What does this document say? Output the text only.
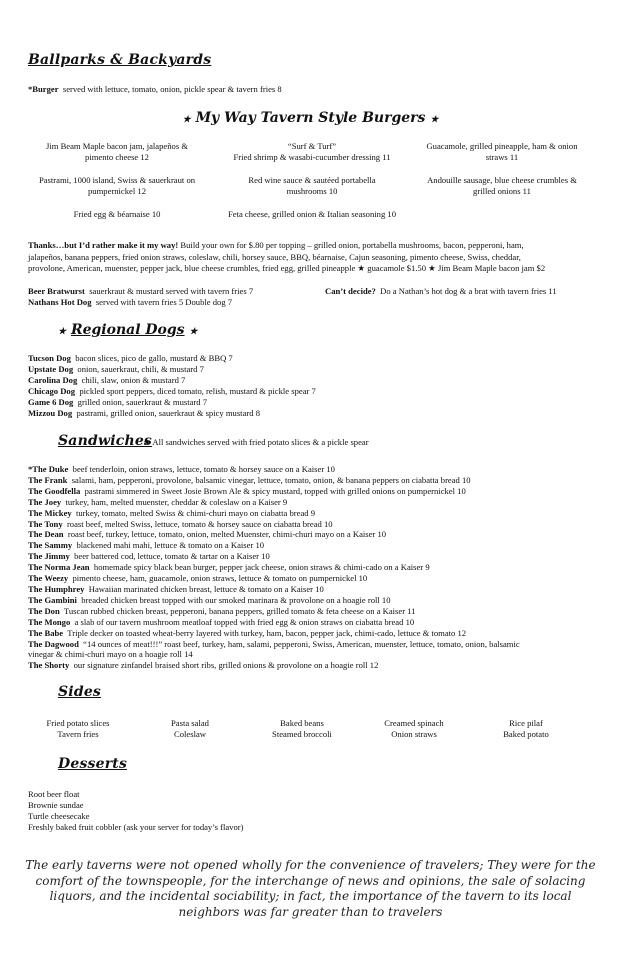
Ballparks & Backyards
*Burger served with lettuce, tomato, onion, pickle spear & tavern fries 8
★ My Way Tavern Style Burgers ★
Jim Beam Maple bacon jam, jalapeños &
pimento cheese 12
“Surf & Turf”
Fried shrimp & wasabi-cucumber dressing 11
Guacamole, grilled pineapple, ham & onion
straws 11
Pastrami, 1000 island, Swiss & sauerkraut on
pumpernickel 12
Red wine sauce & sautéed portabella
mushrooms 10
Andouille sausage, blue cheese crumbles &
grilled onions 11
Fried egg & béarnaise 10	Feta cheese, grilled onion & Italian seasoning 10
Thanks…but I’d rather make it my way! Build your own for $.80 per topping – grilled onion, portabella mushrooms, bacon, pepperoni, ham,
jalapeños, banana peppers, fried onion straws, coleslaw, chili, horsey sauce, BBQ, béarnaise, Cajun seasoning, pimento cheese, Swiss, cheddar,
provolone, American, muenster, pepper jack, blue cheese crumbles, fried egg, grilled pineapple ★ guacamole $1.50 ★ Jim Beam Maple bacon jam $2
Beer Bratwurst sauerkraut & mustard served with tavern fries 7	Can’t decide? Do a Nathan’s hot dog & a brat with tavern fries 11
Nathans Hot Dog served with tavern fries 5 Double dog 7
★ Regional Dogs ★
Tucson Dog bacon slices, pico de gallo, mustard & BBQ 7
Upstate Dog onion, sauerkraut, chili, & mustard 7
Carolina Dog chili, slaw, onion & mustard 7
Chicago Dog pickled sport peppers, diced tomato, relish, mustard & pickle spear 7
Game 6 Dog grilled onion, sauerkraut & mustard 7
Mizzou Dog pastrami, grilled onion, sauerkraut & spicy mustard 8
Sandwiches
★ All sandwiches served with fried potato slices & a pickle spear
*The Duke beef tenderloin, onion straws, lettuce, tomato & horsey sauce on a Kaiser 10
The Frank salami, ham, pepperoni, provolone, balsamic vinegar, lettuce, tomato, onion, & banana peppers on ciabatta bread 10
The Goodfella pastrami simmered in Sweet Josie Brown Ale & spicy mustard, topped with grilled onions on pumpernickel 10
The Joey turkey, ham, melted muenster, cheddar & coleslaw on a Kaiser 9
The Mickey turkey, tomato, melted Swiss & chimi-churi mayo on ciabatta bread 9
The Tony roast beef, melted Swiss, lettuce, tomato & horsey sauce on ciabatta bread 10
The Dean roast beef, turkey, lettuce, tomato, onion, melted Muenster, chimi-churi mayo on a Kaiser 10
The Sammy blackened mahi mahi, lettuce & tomato on a Kaiser 10
The Jimmy beer battered cod, lettuce, tomato & tartar on a Kaiser 10
The Norma Jean homemade spicy black bean burger, pepper jack cheese, onion straws & chimi-cado on a Kaiser 9
The Weezy pimento cheese, ham, guacamole, onion straws, lettuce & tomato on pumpernickel 10
The Humphrey Hawaiian marinated chicken breast, lettuce & tomato on a Kaiser 10
The Gambini breaded chicken breast topped with our smoked marinara & provolone on a hoagie roll 10
The Don Tuscan rubbed chicken breast, pepperoni, banana peppers, grilled tomato & feta cheese on a Kaiser 11
The Mongo a slab of our tavern mushroom meatloaf topped with fried egg & onion straws on ciabatta bread 10
The Babe Triple decker on toasted wheat-berry layered with turkey, ham, bacon, pepper jack, chimi-cado, lettuce & tomato 12
The Dagwood “14 ounces of meat!!!” roast beef, turkey, ham, salami, pepperoni, Swiss, American, muenster, lettuce, tomato, onion, balsamic
vinegar & chimi-churi mayo on a hoagie roll 14
The Shorty our signature zinfandel braised short ribs, grilled onions & provolone on a hoagie roll 12
Sides
Fried potato slices
Tavern fries
Pasta salad
Coleslaw
Baked beans
Steamed broccoli
Creamed spinach
Onion straws
Rice pilaf
Baked potato
Desserts
Root beer float
Brownie sundae
Turtle cheesecake
Freshly baked fruit cobbler (ask your server for today’s flavor)
The early taverns were not opened wholly for the convenience of travelers; They were for the comfort of the townspeople, for the interchange of news and opinions, the sale of solacing liquors, and the incidental sociability; in fact, the importance of the tavern to its local neighbors was far greater than to travelers
